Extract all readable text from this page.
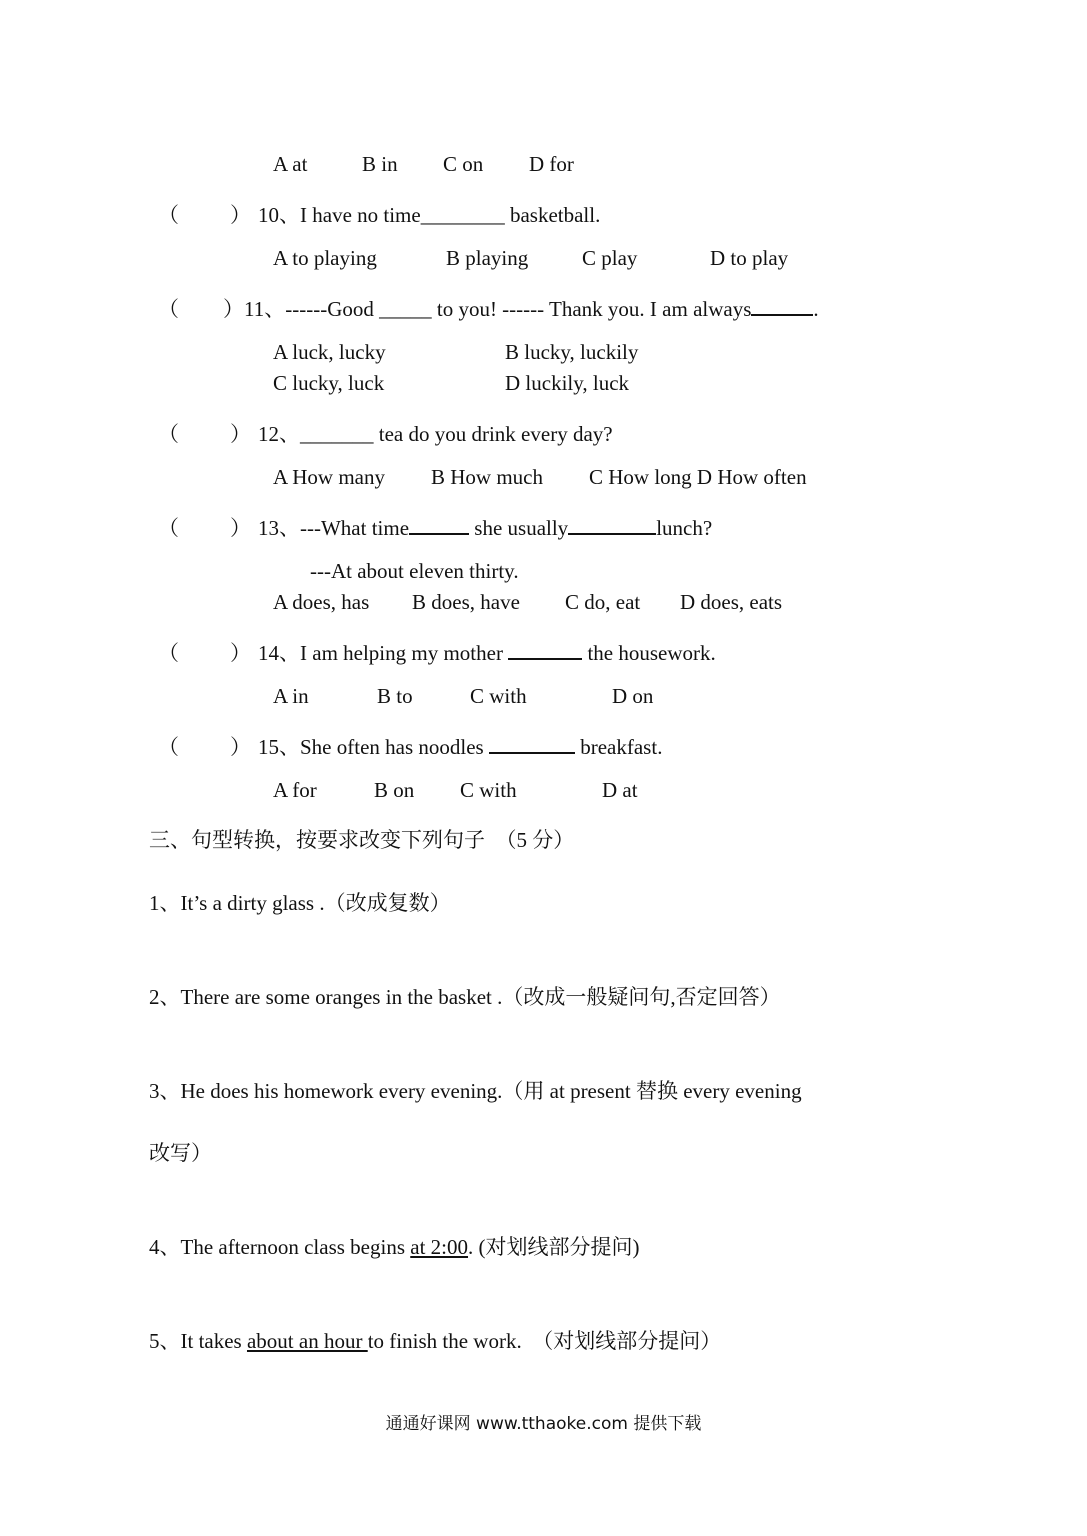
A at	B in C on D for
（ ） 10、I have no time________ basketball.
A to playing	B playing	C play	D to play
（ ） 11、------Good _____ to you! ------ Thank you. I am always	.
A luck, lucky	B lucky, luckily
C lucky, luck	D luckily, luck
（ ） 12、_______ tea do you drink every day?
A How many B How much C How long D How often
（ ） 13、---What time	she usually	lunch?
---At about eleven thirty.
A does, has B does, have C do, eat D does, eats
（ ） 14、I am helping my mother	the housework.
A in	B to	C with	D on
（ ） 15、She often has noodles	breakfast.
A for	B on C with	D at
三、句型转换，按要求改变下列句子  （5 分）
1、It’s a dirty glass .（改成复数）
2、There are some oranges in the basket .（改成一般疑问句,否定回答）
3、He does his homework every evening.（用 at present 替换 every evening
改写）
4、The afternoon class begins at 2:00. (对划线部分提问)
5、It takes about an hour to finish the work.  （对划线部分提问）
通通好课网 www.tthaoke.com 提供下载
